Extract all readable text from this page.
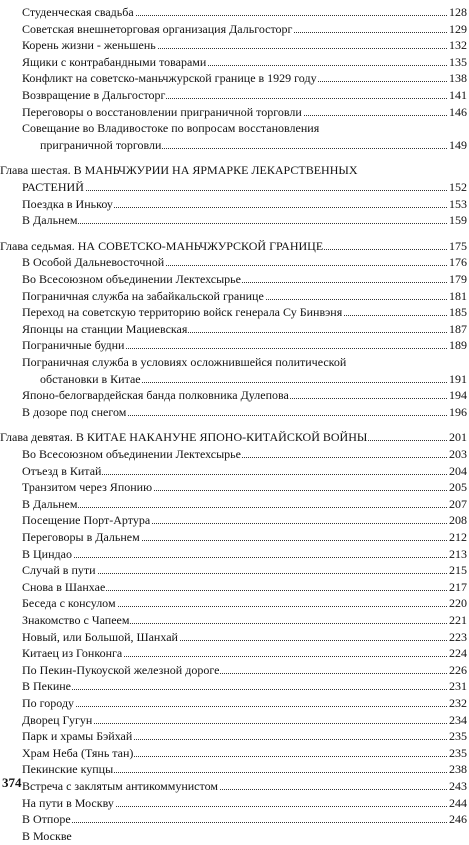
Студенческая свадьба	128
Советская внешнеторговая организация Дальгосторг	129
Корень жизни - женьшень	132
Ящики с контрабандными товарами	135
Конфликт на советско-маньчжурской границе в 1929 году	138
Возвращение в Дальгосторг	141
Переговоры о восстановлении приграничной торговли	146
Совещание во Владивостоке по вопросам восстановления
приграничной торговли	149
Глава шестая. В МАНЬЧЖУРИИ НА ЯРМАРКЕ ЛЕКАРСТВЕННЫХ
РАСТЕНИЙ	152
Поездка в Инькоу	153
В Дальнем	159
Глава седьмая. НА СОВЕТСКО-МАНЬЧЖУРСКОЙ ГРАНИЦЕ	175
В Особой Дальневосточной	176
Во Всесоюзном объединении Лектехсырье	179
Пограничная служба на забайкальской границе	181
Переход на советскую территорию войск генерала Су Бинвэня	185
Японцы на станции Мациевская	187
Пограничные будни	189
Пограничная служба в условиях осложнившейся политической
обстановки в Китае	191
Японо-белогвардейская банда полковника Дулепова	194
В дозоре под снегом	196
Глава девятая. В КИТАЕ НАКАНУНЕ ЯПОНО-КИТАЙСКОЙ ВОЙНЫ	201
Во Всесоюзном объединении Лектехсырье	203
Отъезд в Китай	204
Транзитом через Японию	205
В Дальнем	207
Посещение Порт-Артура	208
Переговоры в Дальнем	212
В Циндао	213
Случай в пути	215
Снова в Шанхае	217
Беседа с консулом	220
Знакомство с Чапеем	221
Новый, или Большой, Шанхай	223
Китаец из Гонконга	224
По Пекин-Пукоуской железной дороге	226
В Пекине	231
По городу	232
Дворец Гугун	234
Парк и храмы Бэйхай	235
Храм Неба (Тянь тан)	235
Пекинские купцы	238
Встреча с заклятым антикоммунистом	243
На пути в Москву	244
В Отпоре	246
В Москве
374
